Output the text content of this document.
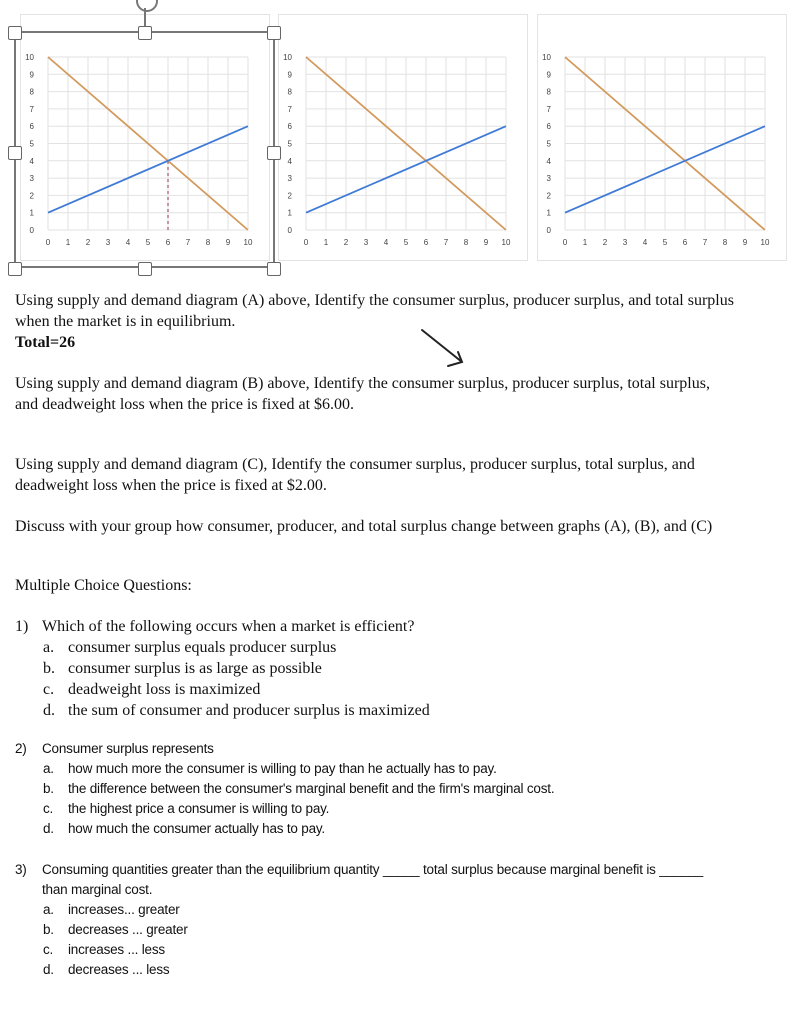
0 1 2 3 4 5 6 7 8 9 10
0
1
2
3
4
5
6
7
8
9
10
0 1 2 3 4 5 6 7 8 9 10
0
1
2
3
4
5
6
7
8
9
10
0 1 2 3 4 5 6 7 8 9 10
0
1
2
3
4
5
6
7
8
9
10
Using supply and demand diagram (A) above, Identify the consumer surplus, producer surplus, and total surplus
when the market is in equilibrium.
Total=26
Using supply and demand diagram (B) above, Identify the consumer surplus, producer surplus, total surplus,
and deadweight loss when the price is fixed at $6.00.
Using supply and demand diagram (C), Identify the consumer surplus, producer surplus, total surplus, and
deadweight loss when the price is fixed at $2.00.
Discuss with your group how consumer, producer, and total surplus change between graphs (A), (B), and (C)
Multiple Choice Questions:
1) Which of the following occurs when a market is efficient?
a. consumer surplus equals producer surplus
b. consumer surplus is as large as possible
c. deadweight loss is maximized
d. the sum of consumer and producer surplus is maximized
2) Consumer surplus represents
a. how much more the consumer is willing to pay than he actually has to pay.
b. the difference between the consumer's marginal benefit and the firm's marginal cost.
c. the highest price a consumer is willing to pay.
d. how much the consumer actually has to pay.
3) Consuming quantities greater than the equilibrium quantity _____ total surplus because marginal benefit is ______
than marginal cost.
a. increases... greater
b. decreases ... greater
c. increases ... less
d. decreases ... less
